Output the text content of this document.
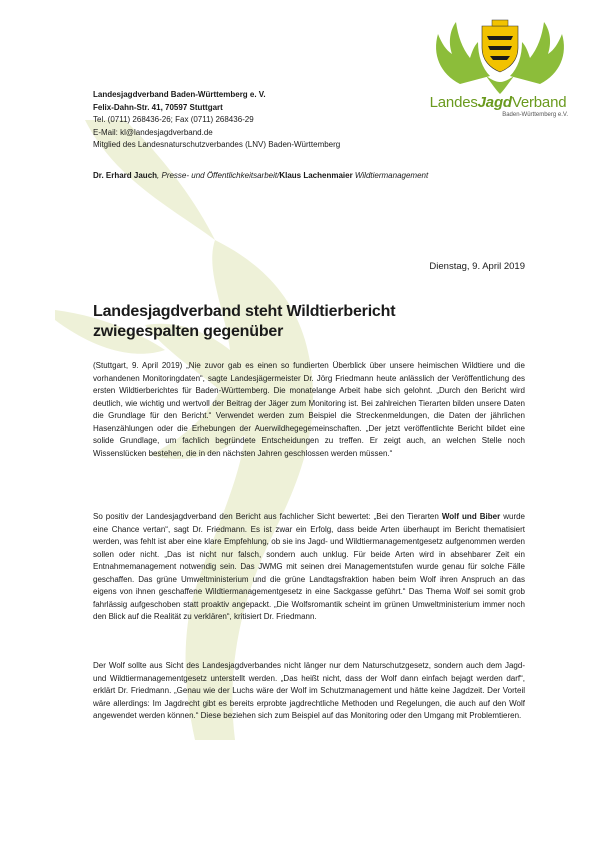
LandesJagdVerband
Baden-Württemberg e.V.
Landesjagdverband Baden-Württemberg e. V.
Felix-Dahn-Str. 41, 70597 Stuttgart
Tel. (0711) 268436-26; Fax (0711) 268436-29
E-Mail: kl@landesjagdverband.de
Mitglied des Landesnaturschutzverbandes (LNV) Baden-Württemberg
Dr. Erhard Jauch, Presse- und Öffentlichkeitsarbeit/Klaus Lachenmaier Wildtiermanagement
Dienstag, 9. April 2019
Landesjagdverband steht Wildtierbericht
zwiegespalten gegenüber
(Stuttgart, 9. April 2019) „Nie zuvor gab es einen so fundierten Überblick über unsere heimischen Wildtiere und die vorhandenen Monitoringdaten“, sagte Landesjägermeister Dr. Jörg Friedmann heute anlässlich der Veröffentlichung des ersten Wildtierberichtes für Baden-Württemberg. Die monatelange Arbeit habe sich gelohnt. „Durch den Bericht wird deutlich, wie wichtig und wertvoll der Beitrag der Jäger zum Monitoring ist. Bei zahlreichen Tierarten bilden unsere Daten die Grundlage für den Bericht.“ Verwendet werden zum Beispiel die Streckenmeldungen, die Daten der jährlichen Hasenzählungen oder die Erhebungen der Auerwildhegegemeinschaften. „Der jetzt veröffentlichte Bericht bildet eine solide Grundlage, um fachlich begründete Entscheidungen zu treffen. Er zeigt auch, an welchen Stelle noch Wissenslücken bestehen, die in den nächsten Jahren geschlossen werden müssen.“
So positiv der Landesjagdverband den Bericht aus fachlicher Sicht bewertet: „Bei den Tierarten Wolf und Biber wurde eine Chance vertan“, sagt Dr. Friedmann. Es ist zwar ein Erfolg, dass beide Arten überhaupt im Bericht thematisiert werden, was fehlt ist aber eine klare Empfehlung, ob sie ins Jagd- und Wildtiermanagementgesetz aufgenommen werden sollen oder nicht. „Das ist nicht nur falsch, sondern auch unklug. Für beide Arten wird in absehbarer Zeit ein Entnahmemanagement notwendig sein. Das JWMG mit seinen drei Managementstufen wurde genau für solche Fälle geschaffen. Das grüne Umweltministerium und die grüne Landtagsfraktion haben beim Wolf ihren Anspruch an das eigens von ihnen geschaffene Wildtiermanagementgesetz in eine Sackgasse geführt.“ Das Thema Wolf sei somit grob fahrlässig aufgeschoben statt proaktiv angepackt. „Die Wolfsromantik scheint im grünen Umweltministerium immer noch den Blick auf die Realität zu verklären“, kritisiert Dr. Friedmann.
Der Wolf sollte aus Sicht des Landesjagdverbandes nicht länger nur dem Naturschutzgesetz, sondern auch dem Jagd- und Wildtiermanagementgesetz unterstellt werden. „Das heißt nicht, dass der Wolf dann einfach bejagt werden darf“, erklärt Dr. Friedmann. „Genau wie der Luchs wäre der Wolf im Schutzmanagement und hätte keine Jagdzeit. Der Vorteil wäre allerdings: Im Jagdrecht gibt es bereits erprobte jagdrechtliche Methoden und Regelungen, die auch auf den Wolf angewendet werden können.“ Diese beziehen sich zum Beispiel auf das Monitoring oder den Umgang mit Problemtieren.
